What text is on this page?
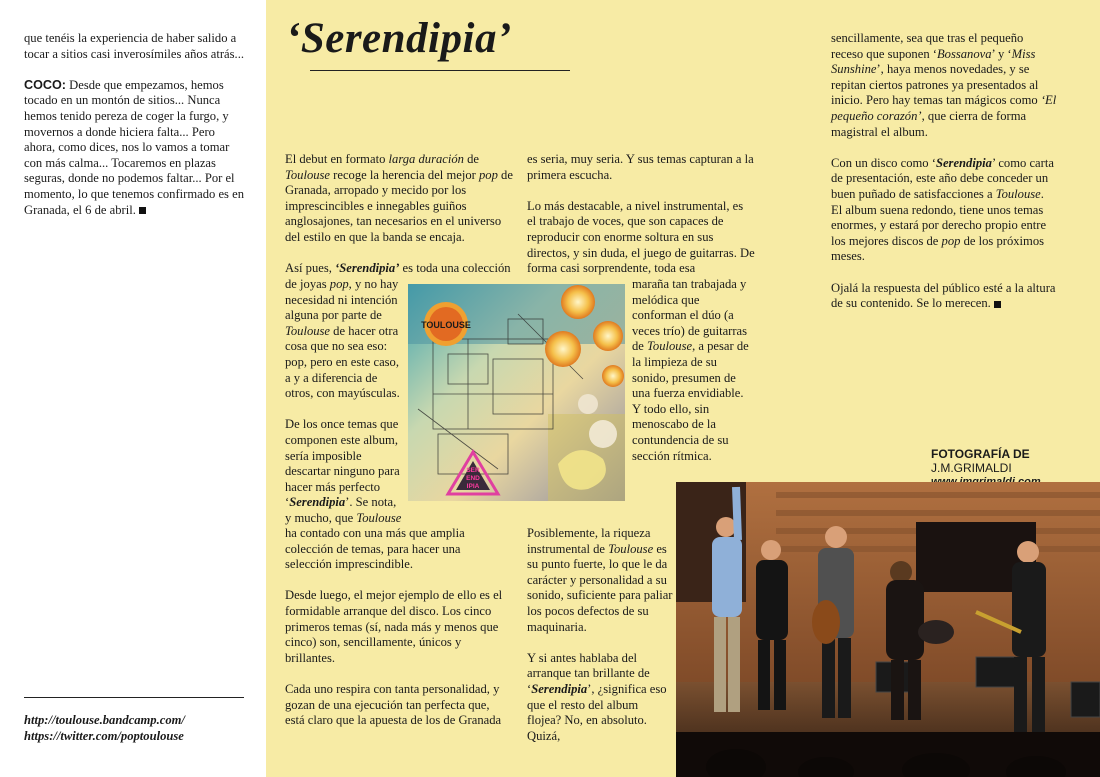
que tenéis la experiencia de haber salido a tocar a sitios casi inverosímiles años atrás...

COCO: Desde que empezamos, hemos tocado en un montón de sitios... Nunca hemos tenido pereza de coger la furgo, y movernos a donde hiciera falta... Pero ahora, como dices, nos lo vamos a tomar con más calma... Tocaremos en plazas seguras, donde no podemos faltar... Por el momento, lo que tenemos confirmado es en Granada, el 6 de abril.

http://toulouse.bandcamp.com/
https://twitter.com/poptoulouse
‘Serendipia’

El debut en formato larga duración de Toulouse recoge la herencia del mejor pop de Granada, arropado y mecido por los imprescincibles e innegables guiños anglosajones, tan necesarios en el universo del estilo en que la banda se encaja.

Así pues, ‘Serendipia’ es toda una colección

de joyas pop, y no hay necesidad ni intención alguna por parte de Toulouse de hacer otra cosa que no sea eso: pop, pero en este caso, a y a diferencia de otros, con mayúsculas.

De los once temas que componen este album, sería imposible descartar ninguno para hacer más perfecto ‘Serendipia’. Se nota, y mucho, que Toulouse

ha contado con una más que amplia colección de temas, para hacer una selección imprescindible.

Desde luego, el mejor ejemplo de ello es el formidable arranque del disco. Los cinco primeros temas (sí, nada más y menos que cinco) son, sencillamente, únicos y brillantes.

Cada uno respira con tanta personalidad, y gozan de una ejecución tan perfecta que, está claro que la apuesta de los de Granada

es seria, muy seria. Y sus temas capturan a la primera escucha.

Lo más destacable, a nivel instrumental, es el trabajo de voces, que son capaces de reproducir con enorme soltura en sus directos, y sin duda, el juego de guitarras. De forma casi sorprendente, toda esa
maraña tan trabajada y melódica que conforman el dúo (a veces trío) de guitarras de Toulouse, a pesar de la limpieza de su sonido, presumen de una fuerza envidiable. Y todo ello, sin menoscabo de la contundencia de su sección rítmica.

Posiblemente, la riqueza instrumental de Toulouse es su punto fuerte, lo que le da carácter y personalidad a su sonido, suficiente para paliar los pocos defectos de su maquinaria.

Y si antes hablaba del arranque tan brillante de ‘Serendipia’, ¿significa eso que el resto del album flojea? No, en absoluto. Quizá,

sencillamente, sea que tras el pequeño receso que suponen ‘Bossanova’ y ‘Miss Sunshine’, haya menos novedades, y se repitan ciertos patrones ya presentados al inicio. Pero hay temas tan mágicos como ‘El pequeño corazón’, que cierra de forma magistral el album.

Con un disco como ‘Serendipia’ como carta de presentación, este año debe conceder un buen puñado de satisfacciones a Toulouse. El album suena redondo, tiene unos temas enormes, y estará por derecho propio entre los mejores discos de pop de los próximos meses.

Ojalá la respuesta del público esté a la altura de su contenido. Se lo merecen.

FOTOGRAFÍA DE J.M.GRIMALDI
TOULOUSE
SER
END
IPIA
